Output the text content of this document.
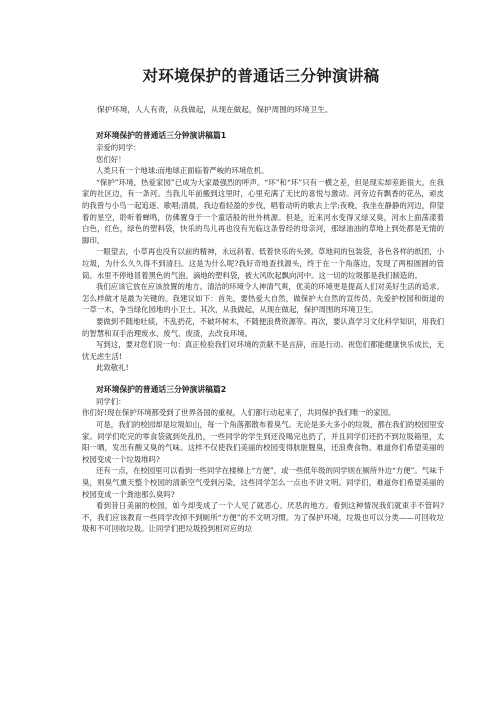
对环境保护的普通话三分钟演讲稿

保护环境，人人有责，从我做起，从现在做起，保护周围的环境卫生。

对环境保护的普通话三分钟演讲稿篇1

亲爱的同学：

您们好！

人类只有一个地球;而地球正面临着严峻的环境危机。

“保护”环境，热爱家园”已成为大家最强烈的呼声。“环”和“环”只有一横之差，但是现实却差距很大。在我家的社区边，有一条河。当我儿年前搬到这里时，心里充满了无比的喜悦与激动。河旁边有飘香的花丛，顽皮的我曾与小鸟一起追逐、歌唱;清晨，我边看轻盈的步伐，唱着动听的歌去上学;夜晚，我坐在静静的河边，仰望着的星空，聆听着蝉鸣，仿佛置身于一个童话般的世外桃源。但是，近来河水变得又绿又臭，河水上面荡漾着白色，红色，绿色的塑料袋，快乐的鸟儿再也没有光临这条曾经的母亲河，那绿油油的草地上到处都是无情的脚印。

一眼望去，小草再也没有以前的精神，永远斜着、低着快乐的头颈。草地间的包装袋，各色各样的纸团，小垃圾，为什么久久得不到清扫。这是为什么呢?我好奇地查找源头，终于在一个角落边，发现了两根圆圆的管筒。水里不停地冒着黑色的气泡。滴地的塑料袋，被大风吹起飘向河中。这一切的垃圾都是我们制造的。

我们应该它放在应该放置的地方。清洁的环境令人神清气爽，优美的环境更是提高人们对美好生活的追求。怎么样做才是最为关键的。我建议如下：首先，要热爱大自然，做保护大自然的宣传员。先爱护校园和街道的一草一木，争当绿化园地的小卫士。其次，从我做起，从现在做起，保护周围的环境卫生。

要做到不随地吐痰，不乱扔花，不破坏树木，不随便浪费资源等。再次，要认真学习文化科学知识，用我们的智慧和双手治理废水、废气、废渣，去改良环境。

写到这，要对您们说一句：真正检验我们对环境的贡献不是言辞，而是行动。祝您们都能健康快乐成长，无忧无虑生活!

此致敬礼!

对环境保护的普通话三分钟演讲稿篇2

同学们：

你们好!现在保护环境都受到了世界各国的重视，人们都行动起来了，共同保护我们唯一的家园。

可是，我们的校园却是垃圾如山，每一个角落都散布着臭气。无论是多大多小的垃圾，都在我们的校园里安家。同学们吃完的零食袋就到处乱扔，一些同学的学生到还没喝完也扔了，并且同学们还扔不到垃圾箱里，太阳一晒，发出有酸又臭的气味。这样不仅使我们美丽的校园变得肮脏腥臭，还浪费食物。难道你们希望美丽的校园变成一个垃圾堆吗?

还有一点，在校园里可以看到一些同学在楼梯上“方便”，或一些低年级的同学则在厕所外边“方便”。气味千臭，则臭气熏天整个校园的清新空气受到污染，这些同学怎么一点也不讲文明。同学们，难道你们希望美丽的校园变成一个粪池那么臭吗?

看到昔日美丽的校园，如今却变成了一个人见了就恶心、厌恶的地方。看到这种情况我们就束手不管吗?不，我们应该教育一些同学改掉不到厕所“方便”的不文明习惯。为了保护环境，垃圾也可以分类——可回收垃圾和不可回收垃圾。让同学们把垃圾投到相对应的垃
